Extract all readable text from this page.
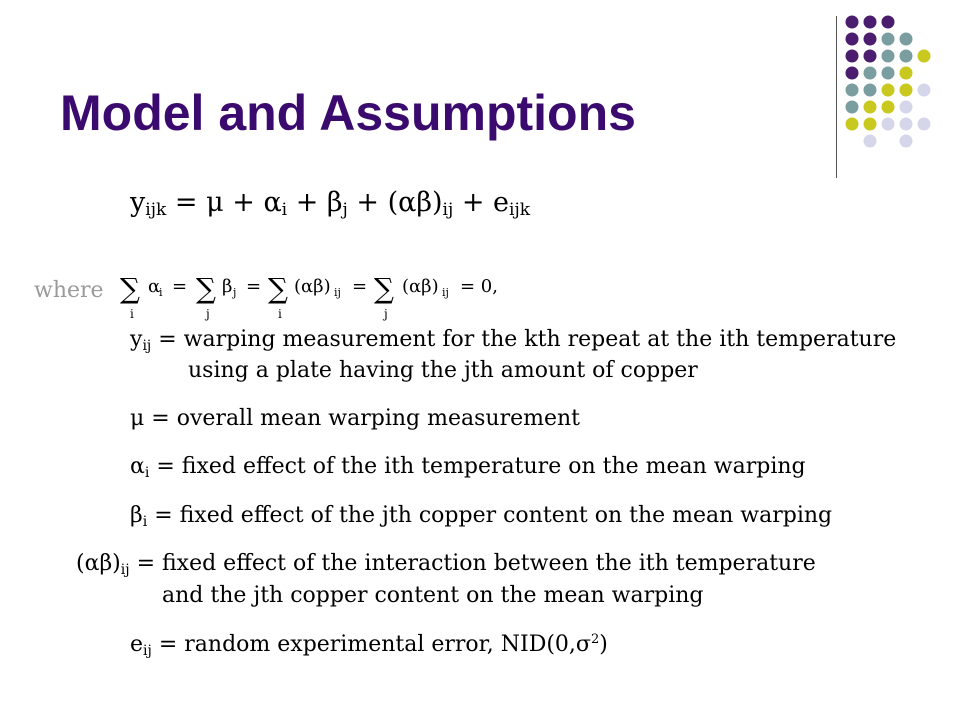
Model and Assumptions
$y_{ijk} = \mu + \alpha_i + \beta_j + (\alpha\beta)_{ij} + e_{ijk}$
where ∑ α
i =
i
∑ β j =
j
∑ (αβ) ij =
i
∑ (αβ) ij = 0,
j
$y_{ij}$ = warping measurement for the kth repeat at the ith temperature
using a plate having the jth amount of copper
μ = overall mean warping measurement
$\alpha_i$ = fixed effect of the ith temperature on the mean warping
$\beta_i$ = fixed effect of the jth copper content on the mean warping
$(\alpha\beta)_{ij}$ = fixed effect of the interaction between the ith temperature
and the jth copper content on the mean warping
$e_{ij}$ = random experimental error, $NID(0,\sigma^2)$
